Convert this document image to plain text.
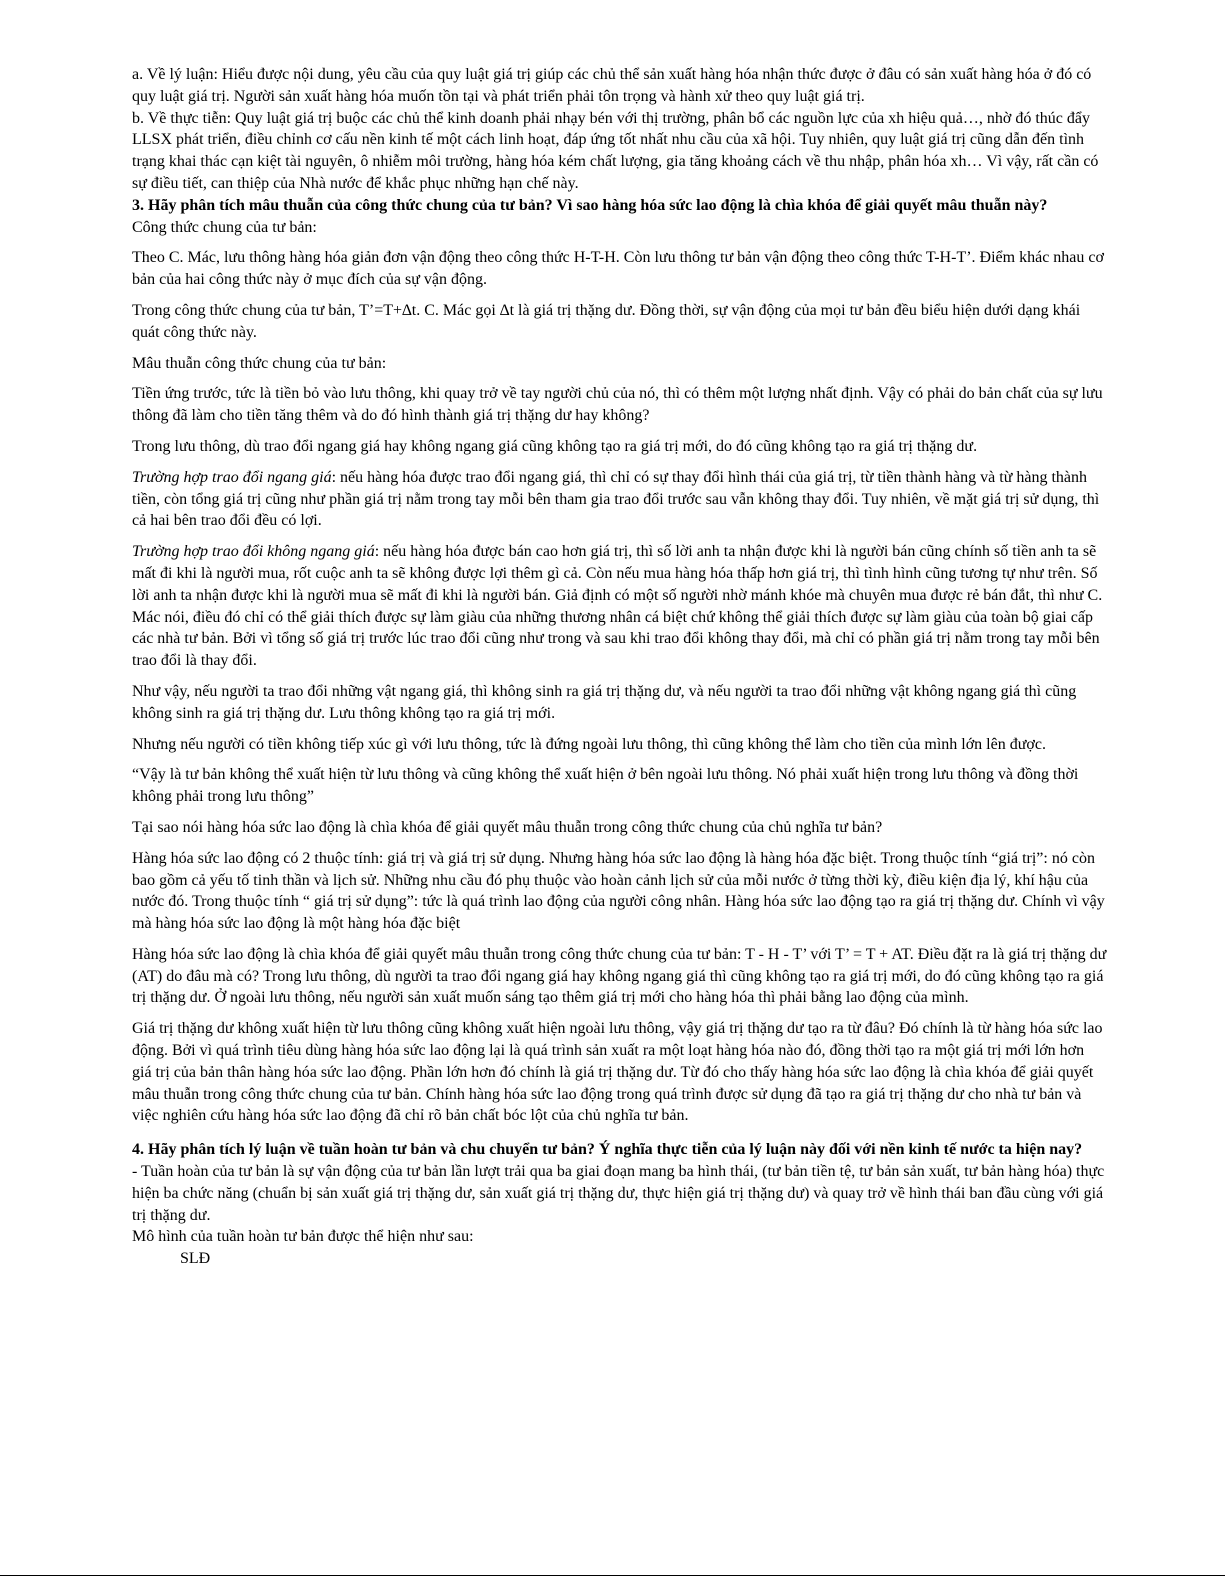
a. Về lý luận: Hiểu được nội dung, yêu cầu của quy luật giá trị giúp các chủ thể sản xuất hàng hóa nhận thức được ở đâu có sản xuất hàng hóa ở đó có quy luật giá trị. Người sản xuất hàng hóa muốn tồn tại và phát triển phải tôn trọng và hành xử theo quy luật giá trị.

b. Về thực tiễn: Quy luật giá trị buộc các chủ thể kinh doanh phải nhạy bén với thị trường, phân bổ các nguồn lực của xh hiệu quả…, nhờ đó thúc đẩy LLSX phát triển, điều chỉnh cơ cấu nền kinh tế một cách linh hoạt, đáp ứng tốt nhất nhu cầu của xã hội. Tuy nhiên, quy luật giá trị cũng dẫn đến tình trạng khai thác cạn kiệt tài nguyên, ô nhiễm môi trường, hàng hóa kém chất lượng, gia tăng khoảng cách về thu nhập, phân hóa xh… Vì vậy, rất cần có sự điều tiết, can thiệp của Nhà nước để khắc phục những hạn chế này.

3. Hãy phân tích mâu thuẫn của công thức chung của tư bản? Vì sao hàng hóa sức lao động là chìa khóa để giải quyết mâu thuẫn này?

Công thức chung của tư bản:

Theo C. Mác, lưu thông hàng hóa giản đơn vận động theo công thức H-T-H. Còn lưu thông tư bản vận động theo công thức T-H-T’. Điểm khác nhau cơ bản của hai công thức này ở mục đích của sự vận động.

Trong công thức chung của tư bản, T’=T+∆t. C. Mác gọi ∆t là giá trị thặng dư. Đồng thời, sự vận động của mọi tư bản đều biểu hiện dưới dạng khái quát công thức này.

Mâu thuẫn công thức chung của tư bản:

Tiền ứng trước, tức là tiền bỏ vào lưu thông, khi quay trở về tay người chủ của nó, thì có thêm một lượng nhất định. Vậy có phải do bản chất của sự lưu thông đã làm cho tiền tăng thêm và do đó hình thành giá trị thặng dư hay không?

Trong lưu thông, dù trao đổi ngang giá hay không ngang giá cũng không tạo ra giá trị mới, do đó cũng không tạo ra giá trị thặng dư.

Trường hợp trao đổi ngang giá: nếu hàng hóa được trao đổi ngang giá, thì chỉ có sự thay đổi hình thái của giá trị, từ tiền thành hàng và từ hàng thành tiền, còn tổng giá trị cũng như phần giá trị nằm trong tay mỗi bên tham gia trao đổi trước sau vẫn không thay đổi. Tuy nhiên, về mặt giá trị sử dụng, thì cả hai bên trao đổi đều có lợi.

Trường hợp trao đổi không ngang giá: nếu hàng hóa được bán cao hơn giá trị, thì số lời anh ta nhận được khi là người bán cũng chính số tiền anh ta sẽ mất đi khi là người mua, rốt cuộc anh ta sẽ không được lợi thêm gì cả. Còn nếu mua hàng hóa thấp hơn giá trị, thì tình hình cũng tương tự như trên. Số lời anh ta nhận được khi là người mua sẽ mất đi khi là người bán. Giả định có một số người nhờ mánh khóe mà chuyên mua được rẻ bán đắt, thì như C. Mác nói, điều đó chỉ có thể giải thích được sự làm giàu của những thương nhân cá biệt chứ không thể giải thích được sự làm giàu của toàn bộ giai cấp các nhà tư bản. Bởi vì tổng số giá trị trước lúc trao đổi cũng như trong và sau khi trao đổi không thay đổi, mà chỉ có phần giá trị nằm trong tay mỗi bên trao đổi là thay đổi.

Như vậy, nếu người ta trao đổi những vật ngang giá, thì không sinh ra giá trị thặng dư, và nếu người ta trao đổi những vật không ngang giá thì cũng không sinh ra giá trị thặng dư. Lưu thông không tạo ra giá trị mới.

Nhưng nếu người có tiền không tiếp xúc gì với lưu thông, tức là đứng ngoài lưu thông, thì cũng không thể làm cho tiền của mình lớn lên được.

“Vậy là tư bản không thể xuất hiện từ lưu thông và cũng không thể xuất hiện ở bên ngoài lưu thông. Nó phải xuất hiện trong lưu thông và đồng thời không phải trong lưu thông”

Tại sao nói hàng hóa sức lao động là chìa khóa để giải quyết mâu thuẫn trong công thức chung của chủ nghĩa tư bản?

Hàng hóa sức lao động có 2 thuộc tính: giá trị và giá trị sử dụng. Nhưng hàng hóa sức lao động là hàng hóa đặc biệt. Trong thuộc tính “giá trị”: nó còn bao gồm cả yếu tố tinh thần và lịch sử. Những nhu cầu đó phụ thuộc vào hoàn cảnh lịch sử của mỗi nước ở từng thời kỳ, điều kiện địa lý, khí hậu của nước đó. Trong thuộc tính “ giá trị sử dụng”: tức là quá trình lao động của người công nhân. Hàng hóa sức lao động tạo ra giá trị thặng dư. Chính vì vậy mà hàng hóa sức lao động là một hàng hóa đặc biệt

Hàng hóa sức lao động là chìa khóa để giải quyết mâu thuẫn trong công thức chung của tư bản: T - H - T’ với T’ = T + AT. Điều đặt ra là giá trị thặng dư (AT) do đâu mà có? Trong lưu thông, dù người ta trao đổi ngang giá hay không ngang giá thì cũng không tạo ra giá trị mới, do đó cũng không tạo ra giá trị thặng dư. Ở ngoài lưu thông, nếu người sản xuất muốn sáng tạo thêm giá trị mới cho hàng hóa thì phải bằng lao động của mình.

Giá trị thặng dư không xuất hiện từ lưu thông cũng không xuất hiện ngoài lưu thông, vậy giá trị thặng dư tạo ra từ đâu? Đó chính là từ hàng hóa sức lao động. Bởi vì quá trình tiêu dùng hàng hóa sức lao động lại là quá trình sản xuất ra một loạt hàng hóa nào đó, đồng thời tạo ra một giá trị mới lớn hơn giá trị của bản thân hàng hóa sức lao động. Phần lớn hơn đó chính là giá trị thặng dư. Từ đó cho thấy hàng hóa sức lao động là chìa khóa để giải quyết mâu thuẫn trong công thức chung của tư bản. Chính hàng hóa sức lao động trong quá trình được sử dụng đã tạo ra giá trị thặng dư cho nhà tư bản và việc nghiên cứu hàng hóa sức lao động đã chỉ rõ bản chất bóc lột của chủ nghĩa tư bản.

4. Hãy phân tích lý luận về tuần hoàn tư bản và chu chuyển tư bản? Ý nghĩa thực tiễn của lý luận này đối với nền kinh tế nước ta hiện nay?

- Tuần hoàn của tư bản là sự vận động của tư bản lần lượt trải qua ba giai đoạn mang ba hình thái, (tư bản tiền tệ, tư bản sản xuất, tư bản hàng hóa) thực hiện ba chức năng (chuẩn bị sản xuất giá trị thặng dư, sản xuất giá trị thặng dư, thực hiện giá trị thặng dư) và quay trở về hình thái ban đầu cùng với giá trị thặng dư.

Mô hình của tuần hoàn tư bản được thể hiện như sau:

SLĐ
